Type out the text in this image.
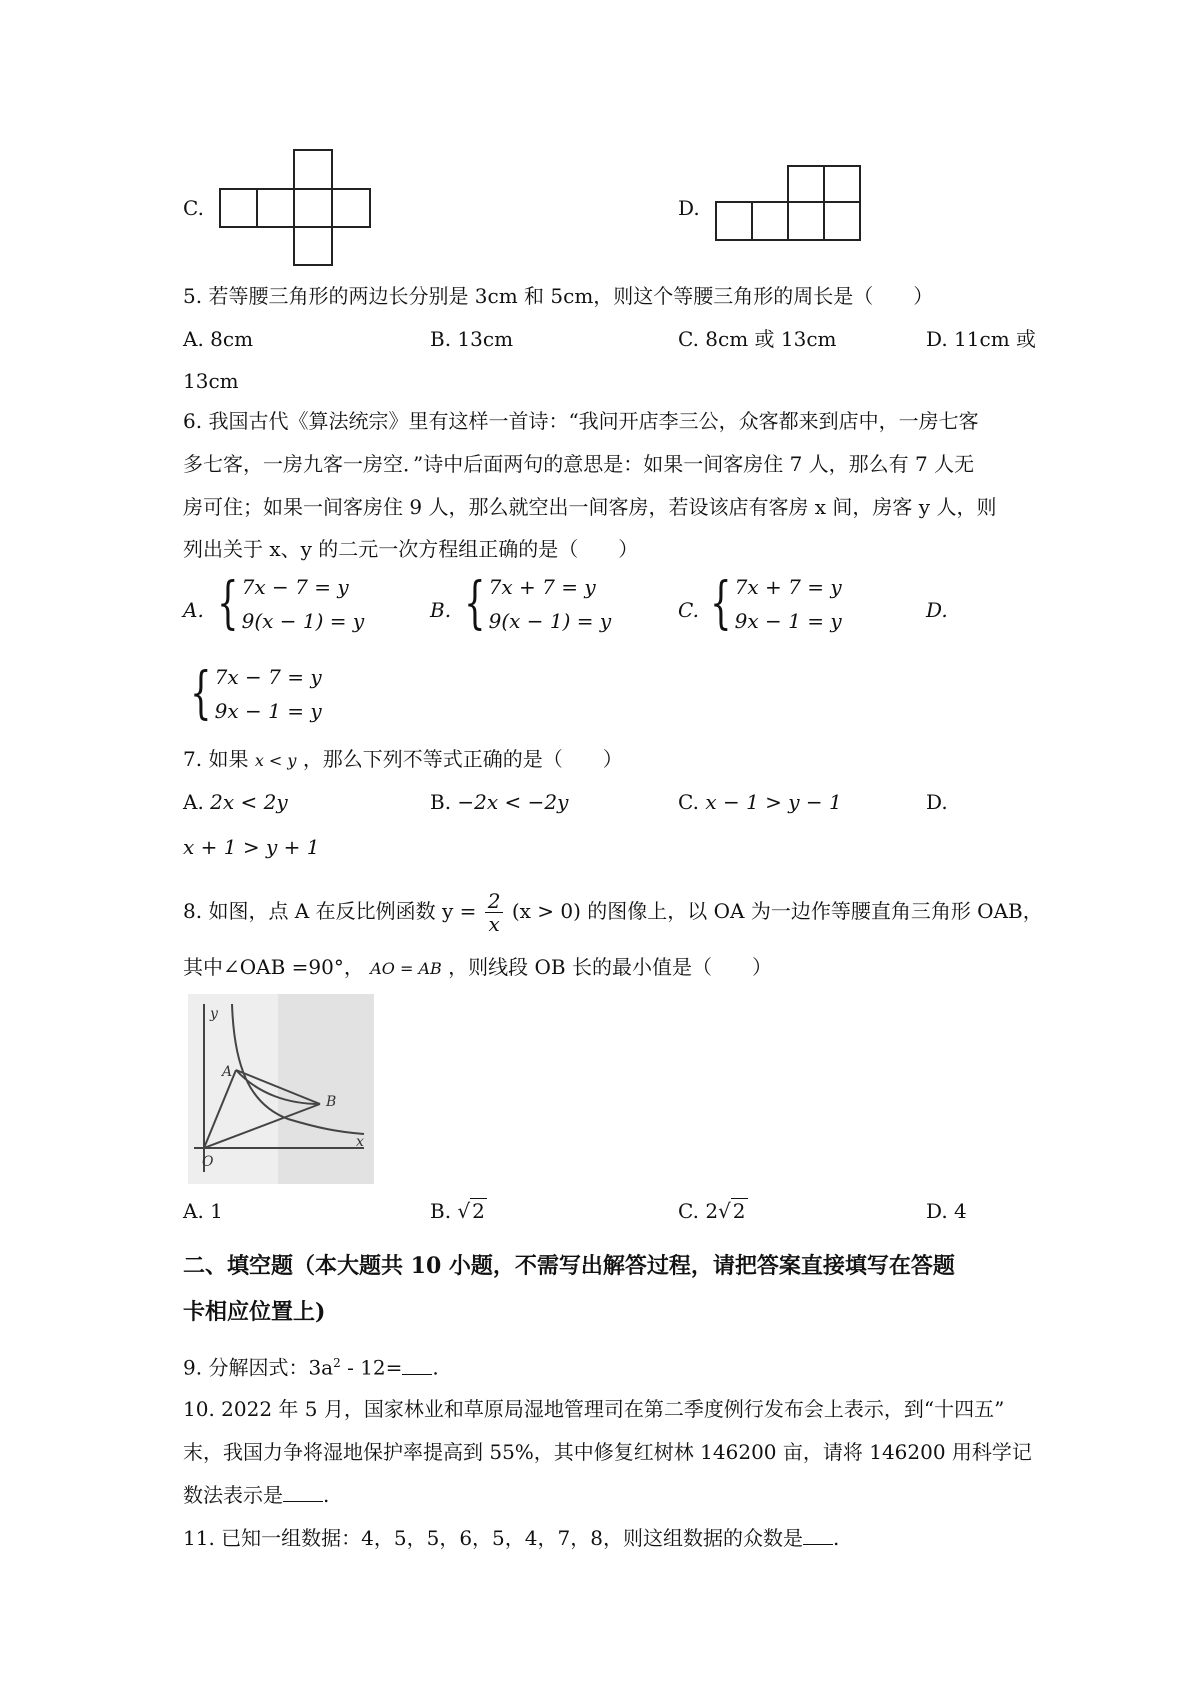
C.	D.
5. 若等腰三角形的两边长分别是 3cm 和 5cm，则这个等腰三角形的周长是（　　）
A. 8cm	B. 13cm	C. 8cm 或 13cm	D. 11cm 或
13cm
6. 我国古代《算法统宗》里有这样一首诗：“我问开店李三公，众客都来到店中，一房七客
多七客，一房九客一房空．”诗中后面两句的意思是：如果一间客房住 7 人，那么有 7 人无
房可住；如果一间客房住 9 人，那么就空出一间客房，若设该店有客房 x 间，房客 y 人，则
列出关于 x、y 的二元一次方程组正确的是（　　）
A. { 7x − 7 = y
9(x − 1) = y	B. { 7x + 7 = y
9(x − 1) = y	C. { 7x + 7 = y
9x − 1 = y	D.
{ 7x − 7 = y
9x − 1 = y
7. 如果 x < y ，那么下列不等式正确的是（　　）
A. 2x < 2y	B. −2x < −2y	C. x − 1 > y − 1	D.
x + 1 > y + 1
8. 如图，点 A 在反比例函数 $y = \frac{2}{x} (x > 0)$ 的图像上，以 OA 为一边作等腰直角三角形 OAB，
其中∠OAB =90°， AO = AB ，则线段 OB 长的最小值是（　　）
y
A
B
O
x
A. 1	B. √ 2	C. 2√ 2	D. 4
二、填空题（本大题共 10 小题，不需写出解答过程，请把答案直接填写在答题
卡相应位置上)
9. 分解因式：$3a^2 - 12=$ .
10. 2022 年 5 月，国家林业和草原局湿地管理司在第二季度例行发布会上表示，到“十四五”
末，我国力争将湿地保护率提高到 55%，其中修复红树林 146200 亩，请将 146200 用科学记
数法表示是 .
11. 已知一组数据：4，5，5，6，5，4，7，8，则这组数据的众数是 .
